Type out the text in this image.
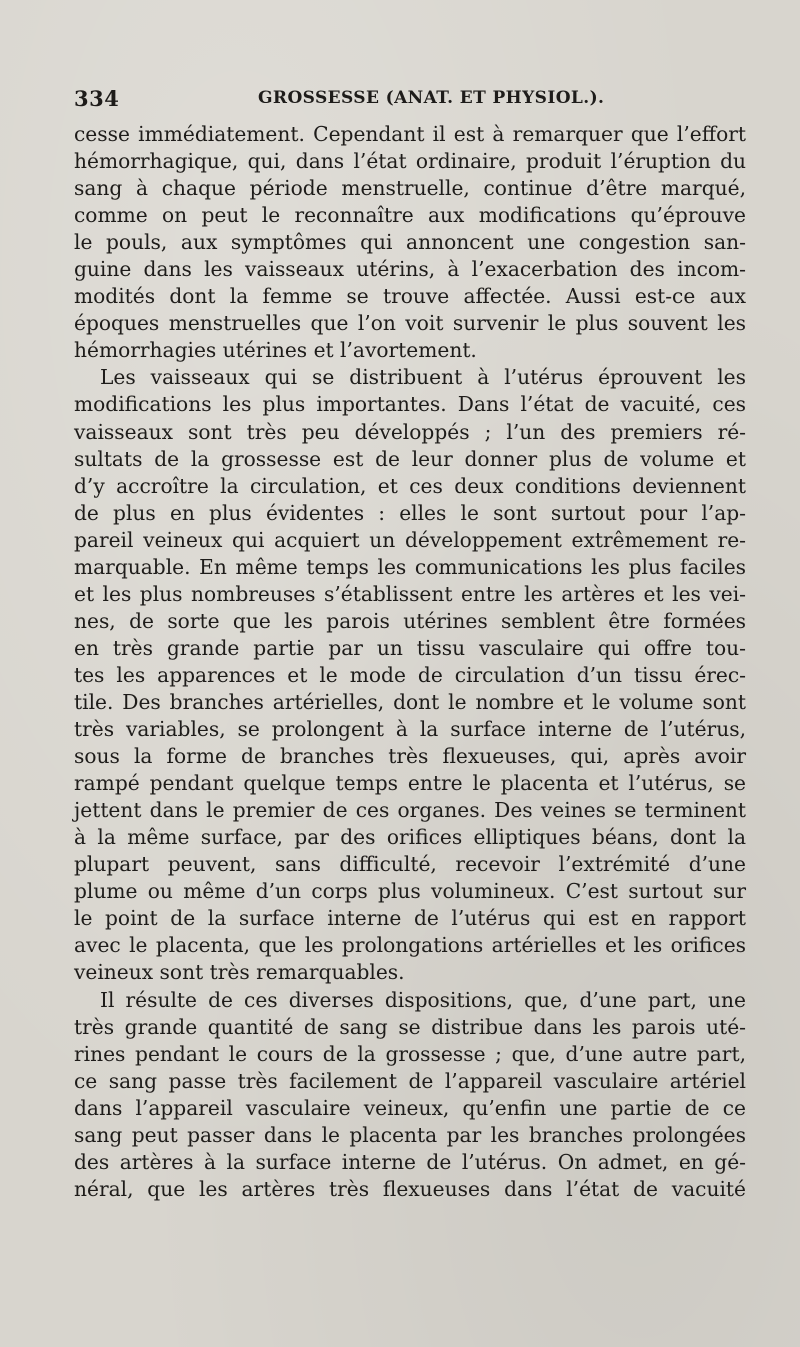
334	GROSSESSE (ANAT. ET PHYSIOL.).
cesse immédiatement. Cependant il est à remarquer que l’effort
hémorrhagique, qui, dans l’état ordinaire, produit l’éruption du
sang à chaque période menstruelle, continue d’être marqué,
comme on peut le reconnaître aux modifications qu’éprouve
le pouls, aux symptômes qui annoncent une congestion san-
guine dans les vaisseaux utérins, à l’exacerbation des incom-
modités dont la femme se trouve affectée. Aussi est-ce aux
époques menstruelles que l’on voit survenir le plus souvent les
hémorrhagies utérines et l’avortement.
Les vaisseaux qui se distribuent à l’utérus éprouvent les
modifications les plus importantes. Dans l’état de vacuité, ces
vaisseaux sont très peu développés ; l’un des premiers ré-
sultats de la grossesse est de leur donner plus de volume et
d’y accroître la circulation, et ces deux conditions deviennent
de plus en plus évidentes : elles le sont surtout pour l’ap-
pareil veineux qui acquiert un développement extrêmement re-
marquable. En même temps les communications les plus faciles
et les plus nombreuses s’établissent entre les artères et les vei-
nes, de sorte que les parois utérines semblent être formées
en très grande partie par un tissu vasculaire qui offre tou-
tes les apparences et le mode de circulation d’un tissu érec-
tile. Des branches artérielles, dont le nombre et le volume sont
très variables, se prolongent à la surface interne de l’utérus,
sous la forme de branches très flexueuses, qui, après avoir
rampé pendant quelque temps entre le placenta et l’utérus, se
jettent dans le premier de ces organes. Des veines se terminent
à la même surface, par des orifices elliptiques béans, dont la
plupart peuvent, sans difficulté, recevoir l’extrémité d’une
plume ou même d’un corps plus volumineux. C’est surtout sur
le point de la surface interne de l’utérus qui est en rapport
avec le placenta, que les prolongations artérielles et les orifices
veineux sont très remarquables.
Il résulte de ces diverses dispositions, que, d’une part, une
très grande quantité de sang se distribue dans les parois uté-
rines pendant le cours de la grossesse ; que, d’une autre part,
ce sang passe très facilement de l’appareil vasculaire artériel
dans l’appareil vasculaire veineux, qu’enfin une partie de ce
sang peut passer dans le placenta par les branches prolongées
des artères à la surface interne de l’utérus. On admet, en gé-
néral, que les artères très flexueuses dans l’état de vacuité
